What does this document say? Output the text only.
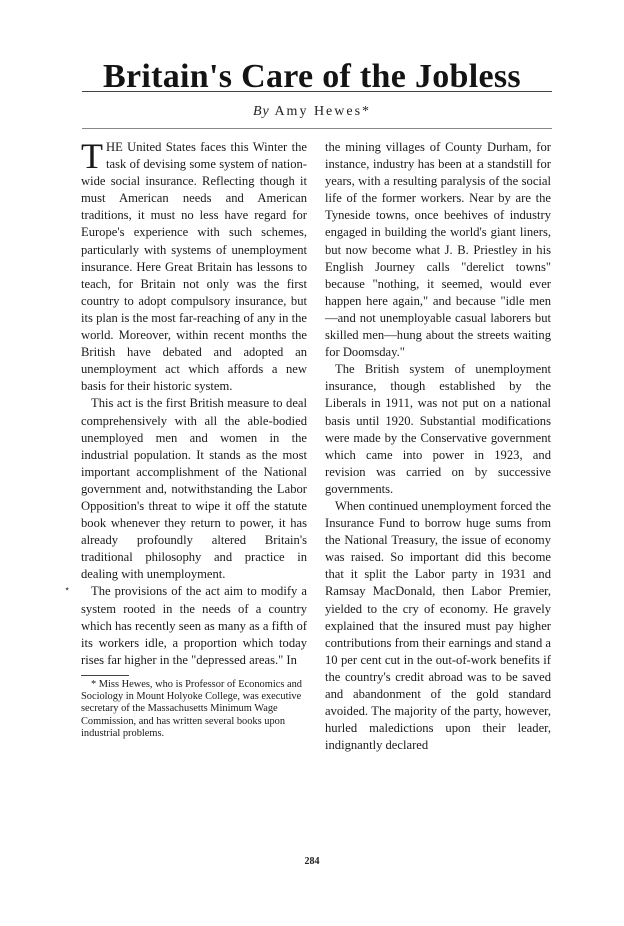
Britain's Care of the Jobless
By Amy Hewes*

THE United States faces this Winter the task of devising some system of nation-wide social insurance. Reflecting though it must American needs and American traditions, it must no less have regard for Europe's experience with such schemes, particularly with systems of unemployment insurance. Here Great Britain has lessons to teach, for Britain not only was the first country to adopt compulsory insurance, but its plan is the most far-reaching of any in the world. Moreover, within recent months the British have debated and adopted an unemployment act which affords a new basis for their historic system.

This act is the first British measure to deal comprehensively with all the able-bodied unemployed men and women in the industrial population. It stands as the most important accomplishment of the National government and, notwithstanding the Labor Opposition's threat to wipe it off the statute book whenever they return to power, it has already profoundly altered Britain's traditional philosophy and practice in dealing with unemployment.

The provisions of the act aim to modify a system rooted in the needs of a country which has recently seen as many as a fifth of its workers idle, a proportion which today rises far higher in the "depressed areas." In

* Miss Hewes, who is Professor of Economics and Sociology in Mount Holyoke College, was executive secretary of the Massachusetts Minimum Wage Commission, and has written several books upon industrial problems.

the mining villages of County Durham, for instance, industry has been at a standstill for years, with a resulting paralysis of the social life of the former workers. Near by are the Tyneside towns, once beehives of industry engaged in building the world's giant liners, but now become what J. B. Priestley in his English Journey calls "derelict towns" because "nothing, it seemed, would ever happen here again," and because "idle men—and not unemployable casual laborers but skilled men—hung about the streets waiting for Doomsday."

The British system of unemployment insurance, though established by the Liberals in 1911, was not put on a national basis until 1920. Substantial modifications were made by the Conservative government which came into power in 1923, and revision was carried on by successive governments.

When continued unemployment forced the Insurance Fund to borrow huge sums from the National Treasury, the issue of economy was raised. So important did this become that it split the Labor party in 1931 and Ramsay MacDonald, then Labor Premier, yielded to the cry of economy. He gravely explained that the insured must pay higher contributions from their earnings and stand a 10 per cent cut in the out-of-work benefits if the country's credit abroad was to be saved and abandonment of the gold standard avoided. The majority of the party, however, hurled maledictions upon their leader, indignantly declared

⋆
284
